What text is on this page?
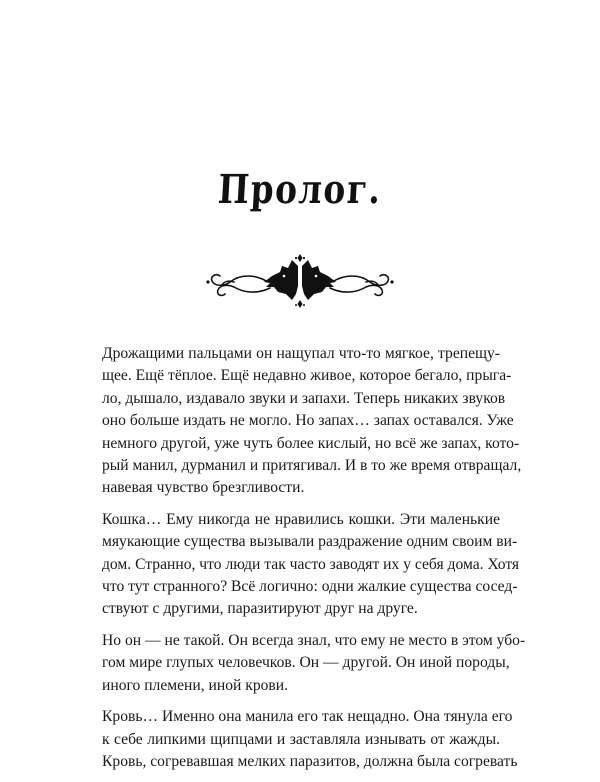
Пролог.
Дрожащими пальцами он нащупал что-то мягкое, трепещу-
щее. Ещё тёплое. Ещё недавно живое, которое бегало, прыга-
ло, дышало, издавало звуки и запахи. Теперь никаких звуков
оно больше издать не могло. Но запах… запах оставался. Уже
немного другой, уже чуть более кислый, но всё же запах, кото-
рый манил, дурманил и притягивал. И в то же время отвращал,
навевая чувство брезгливости.
Кошка… Ему никогда не нравились кошки. Эти маленькие
мяукающие существа вызывали раздражение одним своим ви-
дом. Странно, что люди так часто заводят их у себя дома. Хотя
что тут странного? Всё логично: одни жалкие существа сосед-
ствуют с другими, паразитируют друг на друге.
Но он — не такой. Он всегда знал, что ему не место в этом убо-
гом мире глупых человечков. Он — другой. Он иной породы,
иного племени, иной крови.
Кровь… Именно она манила его так нещадно. Она тянула его
к себе липкими щипцами и заставляла изнывать от жажды.
Кровь, согревавшая мелких паразитов, должна была согревать
